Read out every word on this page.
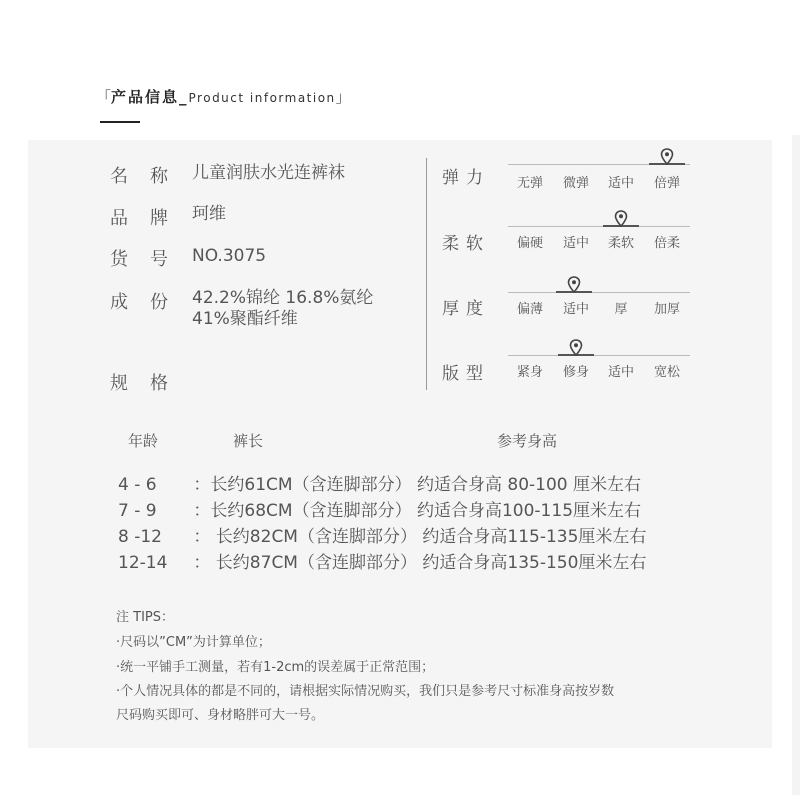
「产品信息_Product information」
名称 儿童润肤水光连裤袜
品牌 珂维
货号 NO.3075
成份 42.2%锦纶 16.8%氨纶
41%聚酯纤维
规格
弹力	无弹	微弹	适中	倍弹
柔软	偏硬	适中	柔软	倍柔
厚度	偏薄	适中	厚	加厚
版型	紧身	修身	适中	宽松
年龄	裤长	参考身高
4 - 6 ：长约61CM（含连脚部分） 约适合身高 80-100 厘米左右
7 - 9 ：长约68CM（含连脚部分） 约适合身高100-115厘米左右
8 -12 ： 长约82CM（含连脚部分） 约适合身高115-135厘米左右
12-14 ： 长约87CM（含连脚部分） 约适合身高135-150厘米左右
注 TIPS：
·尺码以”CM”为计算单位；
·统一平铺手工测量，若有1-2cm的误差属于正常范围；
·个人情况具体的都是不同的，请根据实际情况购买，我们只是参考尺寸标准身高按岁数
尺码购买即可、身材略胖可大一号。
